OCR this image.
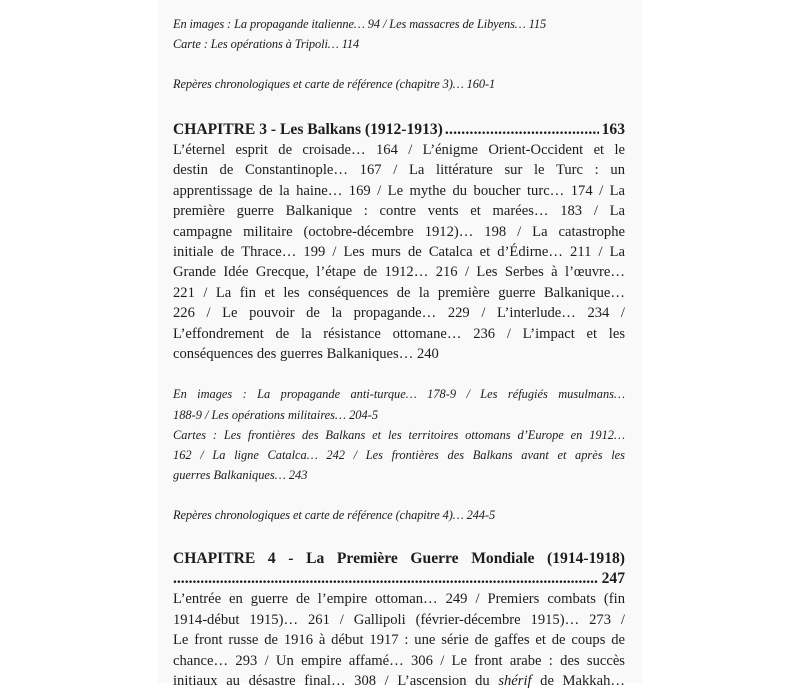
En images : La propagande italienne… 94 / Les massacres de Libyens… 115
Carte : Les opérations à Tripoli… 114
Repères chronologiques et carte de référence (chapitre 3)… 160-1
CHAPITRE 3 - Les Balkans (1912-1913) .....	163
L’éternel esprit de croisade… 164 / L’énigme Orient-Occident et le
destin de Constantinople… 167 / La littérature sur le Turc : un
apprentissage de la haine… 169 / Le mythe du boucher turc… 174 / La
première guerre Balkanique : contre vents et marées… 183 / La
campagne militaire (octobre-décembre 1912)… 198 / La catastrophe
initiale de Thrace… 199 / Les murs de Catalca et d’Édirne… 211 / La
Grande Idée Grecque, l’étape de 1912… 216 / Les Serbes à l’œuvre…
221 / La fin et les conséquences de la première guerre Balkanique…
226 / Le pouvoir de la propagande… 229 / L’interlude… 234 /
L’effondrement de la résistance ottomane… 236 / L’impact et les
conséquences des guerres Balkaniques… 240
En images : La propagande anti-turque… 178-9 / Les réfugiés musulmans…
188-9 / Les opérations militaires… 204-5
Cartes : Les frontières des Balkans et les territoires ottomans d’Europe en 1912…
162 / La ligne Catalca… 242 / Les frontières des Balkans avant et après les
guerres Balkaniques… 243
Repères chronologiques et carte de référence (chapitre 4)… 244-5
CHAPITRE 4 - La Première Guerre Mondiale (1914-1918)
.....
247
L’entrée en guerre de l’empire ottoman… 249 / Premiers combats (fin
1914-début 1915)… 261 / Gallipoli (février-décembre 1915)… 273 /
Le front russe de 1916 à début 1917 : une série de gaffes et de coups de
chance… 293 / Un empire affamé… 306 / Le front arabe : des succès
initiaux au désastre final… 308 / L’ascension du shérif de Makkah…
